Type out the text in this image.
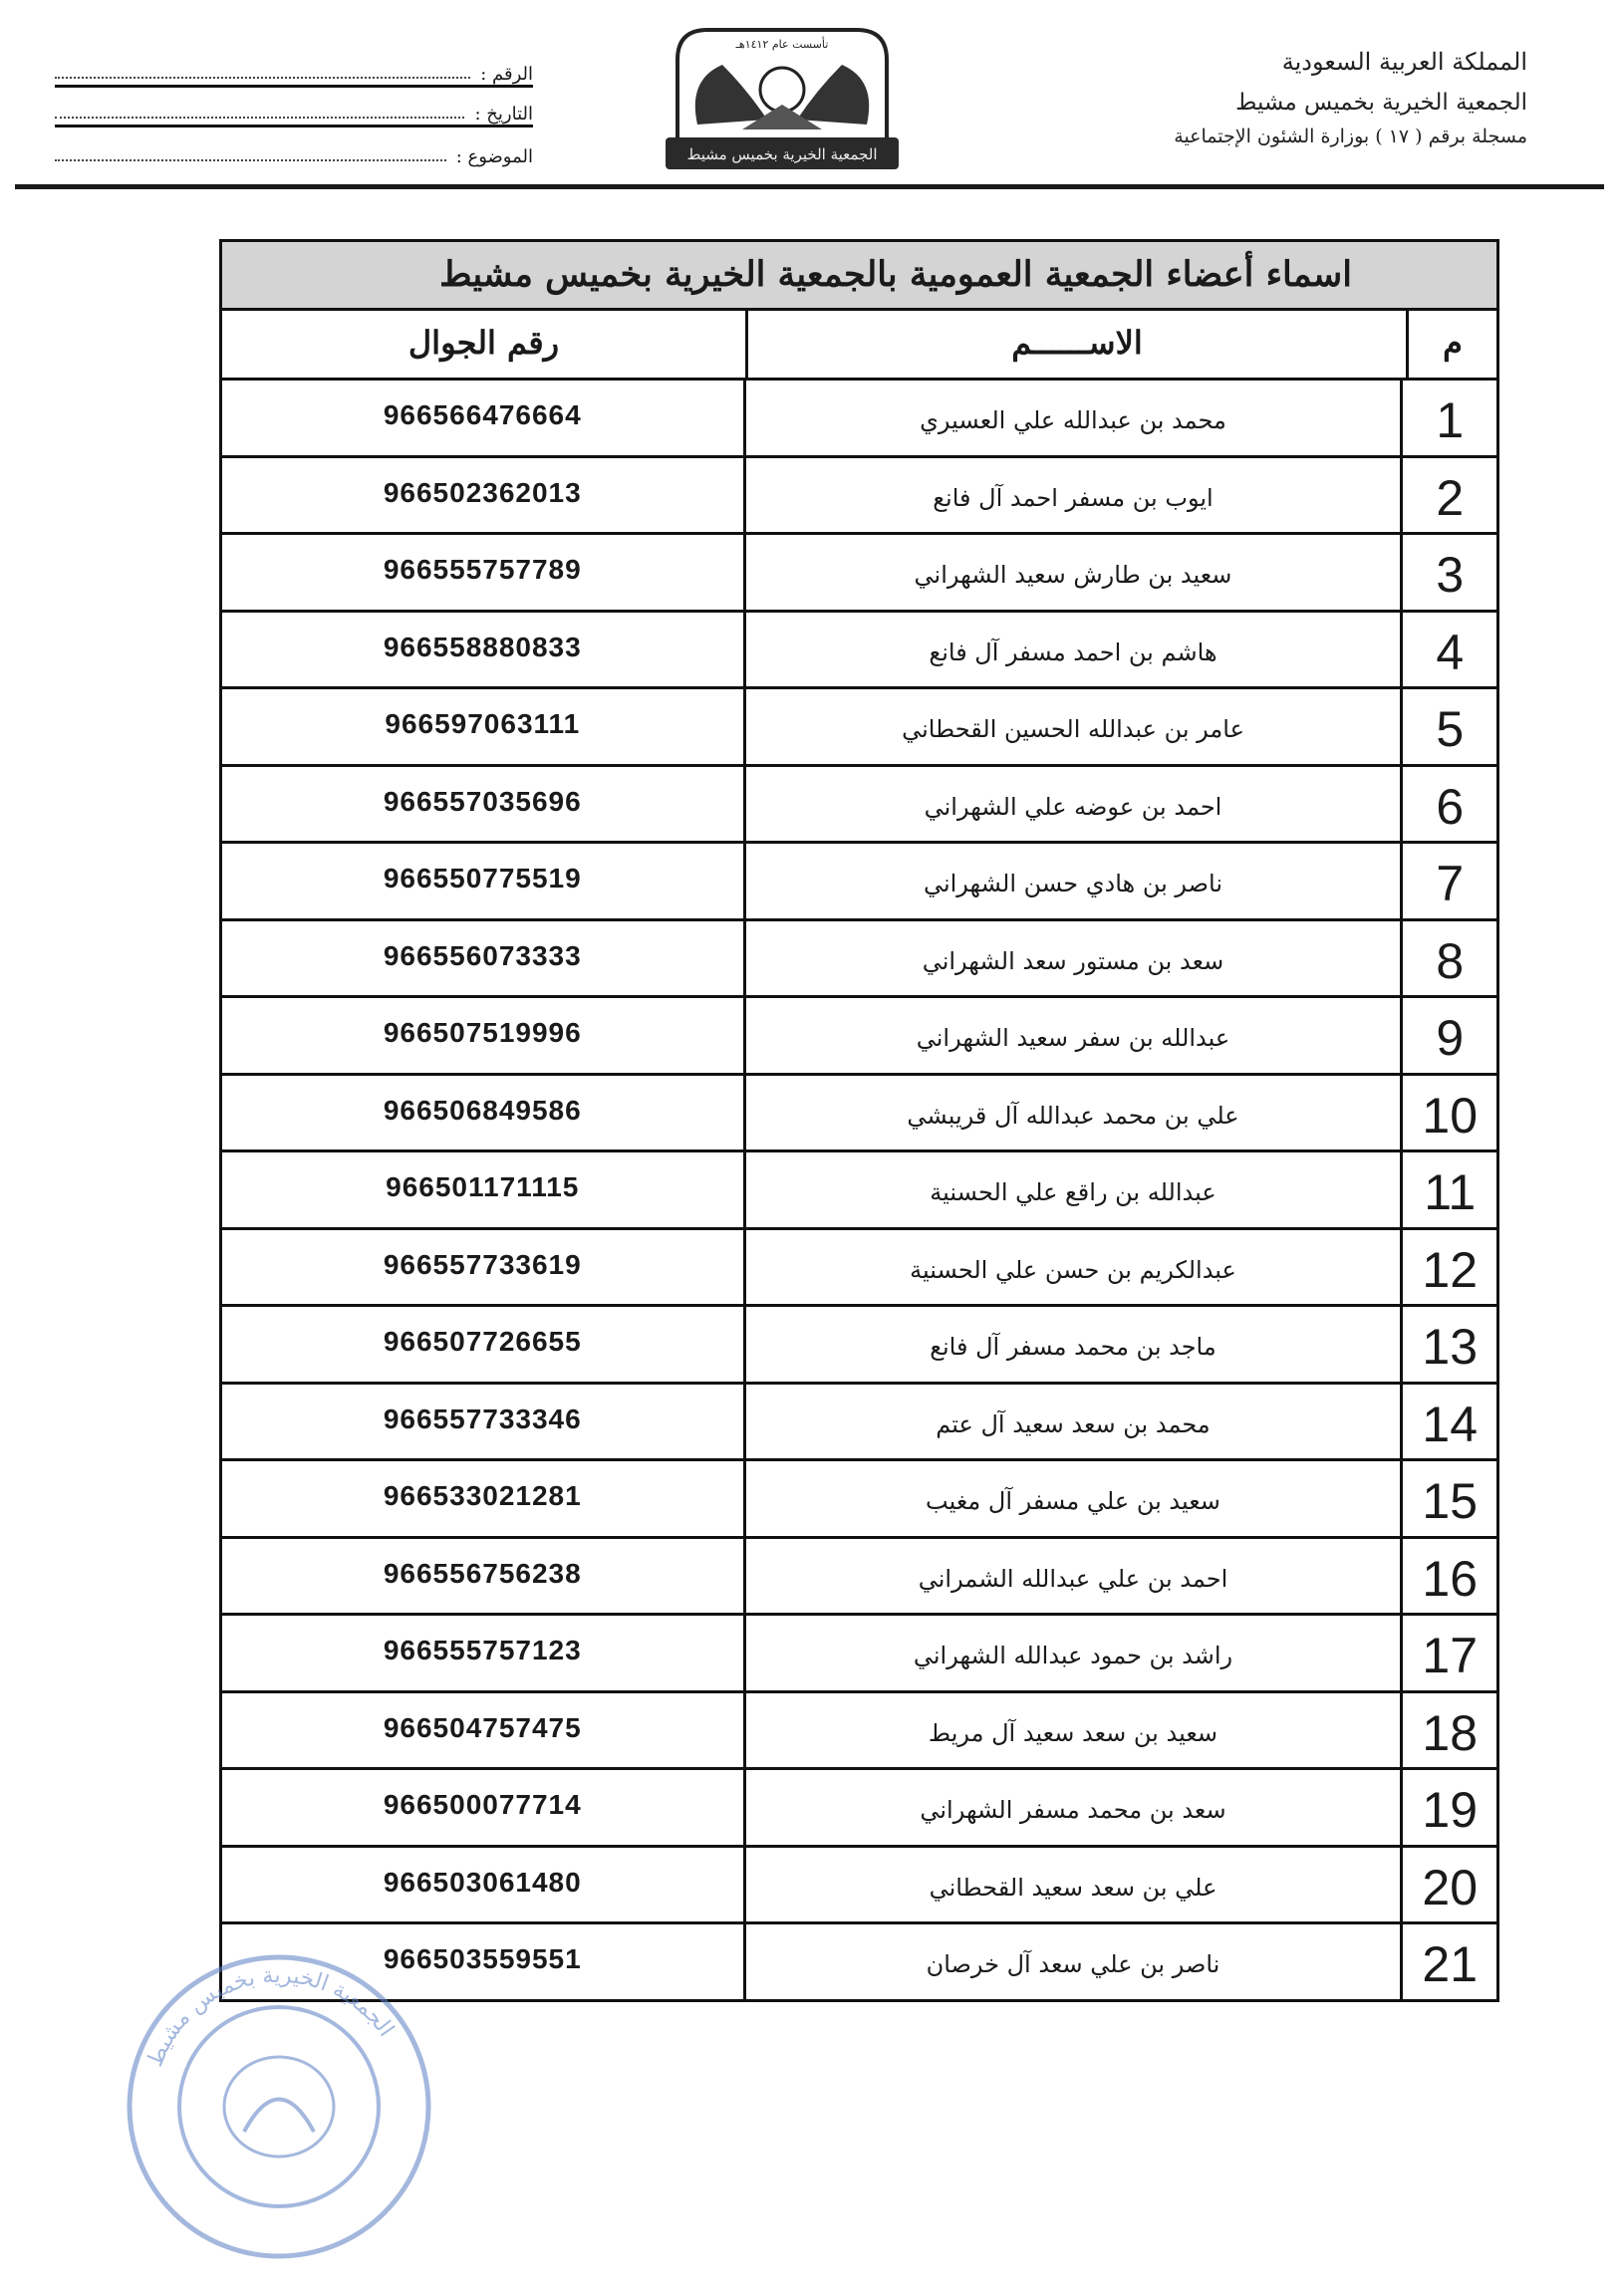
المملكة العربية السعودية
الجمعية الخيرية بخميس مشيط
مسجلة برقم ( ١٧ ) بوزارة الشئون الإجتماعية
تأسست عام ١٤١٢هـ
الجمعية الخيرية بخميس مشيط
الرقم :
التاريخ :
الموضوع :
اسماء أعضاء الجمعية العمومية بالجمعية الخيرية بخميس مشيط
رقم الجوال	الاســــــم	م
966566476664	محمد بن عبدالله علي العسيري	1
966502362013	ايوب بن مسفر احمد آل فانع	2
966555757789	سعيد بن طارش سعيد الشهراني	3
966558880833	هاشم بن احمد مسفر آل فانع	4
966597063111	عامر بن عبدالله الحسين القحطاني	5
966557035696	احمد بن عوضه علي الشهراني	6
966550775519	ناصر بن هادي حسن الشهراني	7
966556073333	سعد بن مستور سعد الشهراني	8
966507519996	عبدالله بن سفر سعيد الشهراني	9
966506849586	علي بن محمد عبدالله آل قريبشي	10
966501171115	عبدالله بن راقع علي الحسنية	11
966557733619	عبدالكريم بن حسن علي الحسنية	12
966507726655	ماجد بن محمد مسفر آل فانع	13
966557733346	محمد بن سعد سعيد آل عتم	14
966533021281	سعيد بن علي مسفر آل مغيب	15
966556756238	احمد بن علي عبدالله الشمراني	16
966555757123	راشد بن حمود عبدالله الشهراني	17
966504757475	سعيد بن سعد سعيد آل مريط	18
966500077714	سعد بن محمد مسفر الشهراني	19
966503061480	علي بن سعد سعيد القحطاني	20
966503559551	ناصر بن علي سعد آل خرصان	21
الجمعية الخيرية بخميس مشيط
